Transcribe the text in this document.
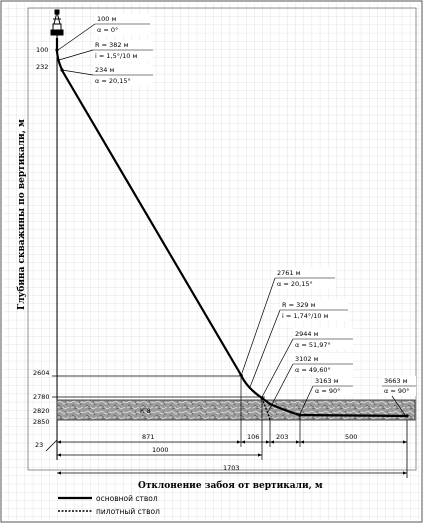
К 8
100
232
2604
2780
2820
2850
23
100 м
α = 0°
R = 382 м
i = 1,5°/10 м
234 м
α = 20,15°
2761 м
α = 20,15°
R = 329 м
i = 1,74°/10 м
2944 м
α = 51,97°
3102 м
α = 49,60°
3163 м
α = 90°
3663 м
α = 90°
871	106	203	500
1000
1703
Глубина скважины по вертикали, м
Отклонение забоя от вертикали, м
основной ствол
пилотный ствол
